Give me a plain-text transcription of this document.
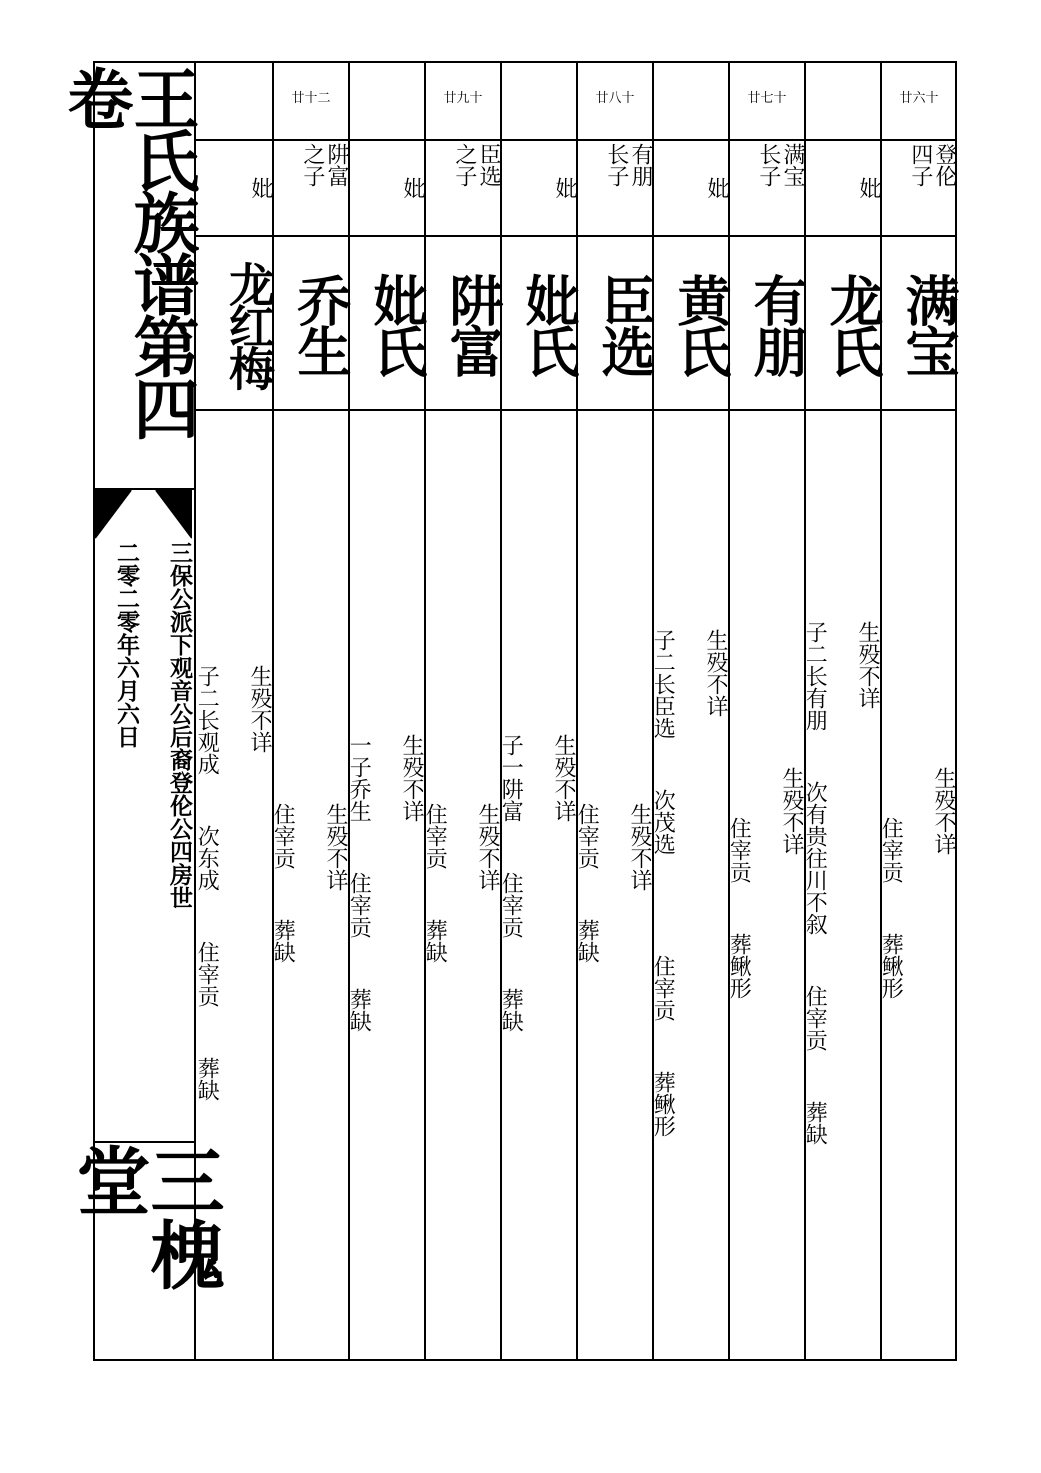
王氏族谱第四卷
三保公派下观音公后裔登伦公四房世
二零二零年六月六日
三槐堂
廿六十
登伦 四子
满宝
生殁不详

住宰贡  葬鳅形
妣
龙氏
生殁不详

子二长有朋  次有贵往川不叙  住宰贡  葬缺
廿七十
满宝 长子
有朋
生殁不详

住宰贡  葬鳅形
妣
黄氏
生殁不详

子二长臣选  次茂选    住宰贡  葬鳅形
廿八十
有朋 长子
臣选
生殁不详

住宰贡  葬缺
妣
妣氏
生殁不详

子一阱富  住宰贡  葬缺
廿九十
臣选 之子
阱富
生殁不详

住宰贡  葬缺
妣
妣氏
生殁不详

一子乔生  住宰贡  葬缺
廿十二
阱富 之子
乔生
生殁不详

住宰贡  葬缺
妣
龙红梅
生殁不详

子二长观成  次东成  住宰贡  葬缺
